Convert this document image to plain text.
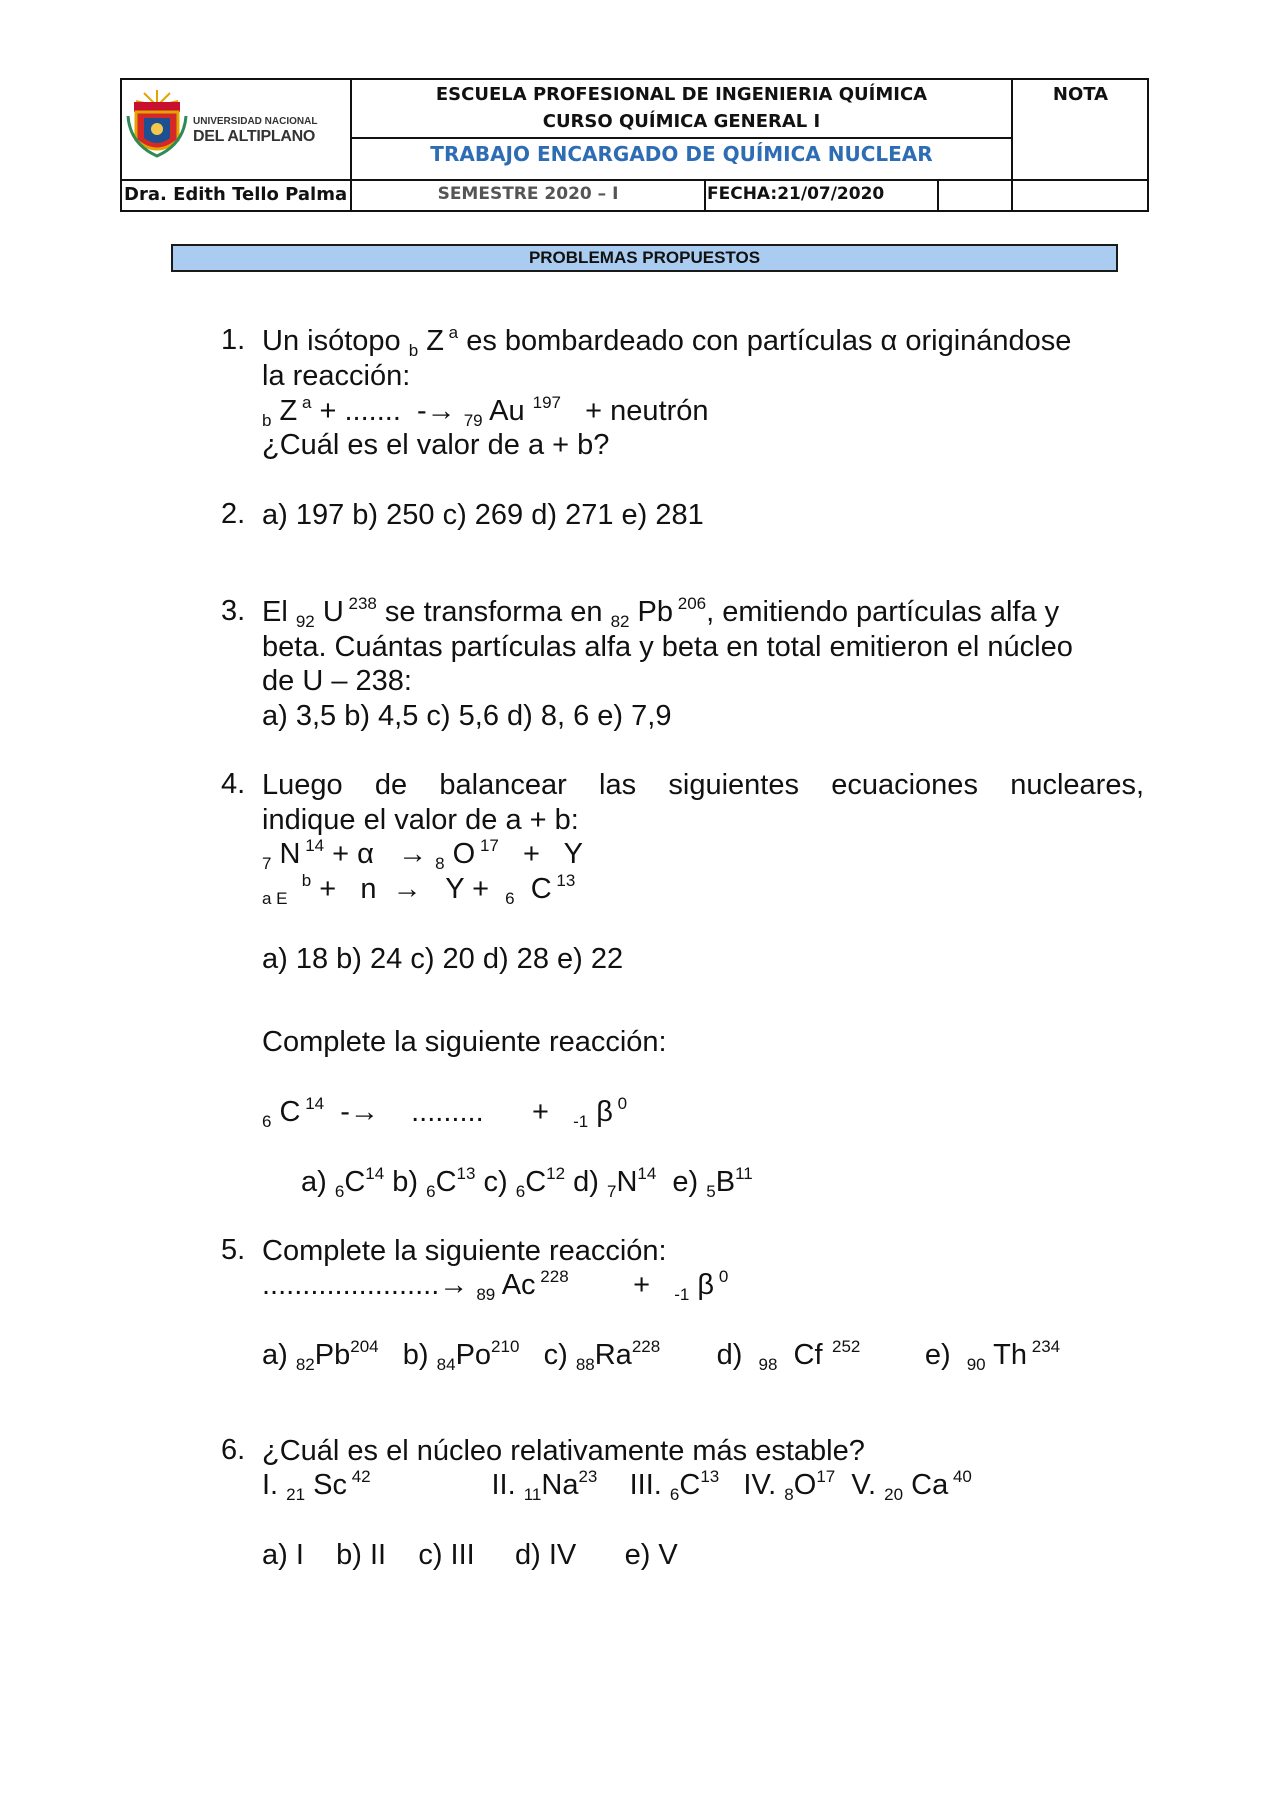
UNIVERSIDAD NACIONAL
DEL ALTIPLANO
ESCUELA PROFESIONAL DE INGENIERIA QUÍMICA
CURSO QUÍMICA GENERAL I
TRABAJO ENCARGADO DE QUÍMICA NUCLEAR
NOTA
Dra. Edith Tello Palma	SEMESTRE 2020 – I	FECHA:21/07/2020
PROBLEMAS PROPUESTOS
1. Un isótopo $_b$ Z $^a$ es bombardeado con partículas α originándose
la reacción:
$_b$ Z $^a$ + .......  -→ $_{79}$ Au $^{197}$   + neutrón
¿Cuál es el valor de a + b?
2. a) 197 b) 250 c) 269 d) 271 e) 281
3. El $_{92}$ U $^{238}$ se transforma en $_{82}$ Pb $^{206}$, emitiendo partículas alfa y
beta. Cuántas partículas alfa y beta en total emitieron el núcleo
de U – 238:
a) 3,5 b) 4,5 c) 5,6 d) 8, 6 e) 7,9
4. Luego de balancear las siguientes ecuaciones nucleares,
indique el valor de a + b:
$_7$ N $^{14}$ + α   → $_8$ O $^{17}$   +   Y
$_{a E}$   $^b$ +   n  →   Y +  $_6$  C $^{13}$
a) 18 b) 24 c) 20 d) 28 e) 22
Complete la siguiente reacción:
$_6$ C $^{14}$  -→    .........      +   $_{-1}$ β $^0$
a) $_6C^{14}$ b) $_6C^{13}$ c) $_6C^{12}$ d) $_7N^{14}$  e) $_5B^{11}$
5. Complete la siguiente reacción:
......................→ $_{89}$ Ac $^{228}$        +   $_{-1}$ β $^0$
a) $_{82}Pb^{204}$   b) $_{84}Po^{210}$   c) $_{88}Ra^{228}$       d)  $_{98}$  Cf  $^{252}$        e)  $_{90}$ Th $^{234}$
6. ¿Cuál es el núcleo relativamente más estable?
I. $_{21}$ Sc $^{42}$               II. $_{11}Na^{23}$    III. $_6C^{13}$   IV. $_8O^{17}$  V. $_{20}$ Ca $^{40}$
a) I    b) II    c) III     d) IV      e) V
